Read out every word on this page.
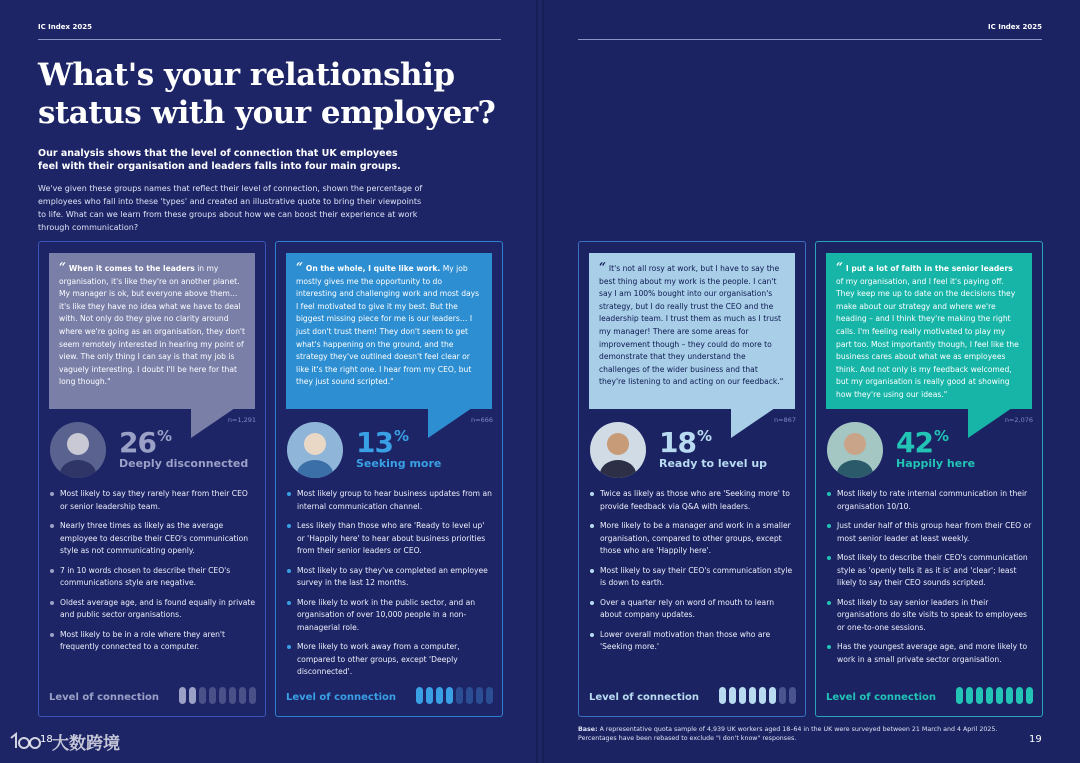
IC Index 2025	IC Index 2025
What's your relationship
status with your employer?

Our analysis shows that the level of connection that UK employees feel with their organisation and leaders falls into four main groups.

We've given these groups names that reflect their level of connection, shown the percentage of employees who fall into these 'types' and created an illustrative quote to bring their viewpoints to life. What can we learn from these groups about how we can boost their experience at work through communication?

“ When it comes to the leaders in my organisation, it's like they're on another planet. My manager is ok, but everyone above them… it's like they have no idea what we have to deal with. Not only do they give no clarity around where we're going as an organisation, they don't seem remotely interested in hearing my point of view. The only thing I can say is that my job is vaguely interesting. I doubt I'll be here for that long though."
n=1,291
26%
Deeply disconnected
Most likely to say they rarely hear from their CEO or senior leadership team.
Nearly three times as likely as the average employee to describe their CEO's communication style as not communicating openly.
7 in 10 words chosen to describe their CEO's communications style are negative.
Oldest average age, and is found equally in private and public sector organisations.
Most likely to be in a role where they aren't frequently connected to a computer.
Level of connection
“ On the whole, I quite like work. My job mostly gives me the opportunity to do interesting and challenging work and most days I feel motivated to give it my best. But the biggest missing piece for me is our leaders… I just don't trust them! They don't seem to get what's happening on the ground, and the strategy they've outlined doesn't feel clear or like it's the right one. I hear from my CEO, but they just sound scripted."
n=666
13%
Seeking more
Most likely group to hear business updates from an internal communication channel.
Less likely than those who are 'Ready to level up' or 'Happily here' to hear about business priorities from their senior leaders or CEO.
Most likely to say they've completed an employee survey in the last 12 months.
More likely to work in the public sector, and an organisation of over 10,000 people in a non-managerial role.
More likely to work away from a computer, compared to other groups, except 'Deeply disconnected'.
Level of connection
“ It's not all rosy at work, but I have to say the best thing about my work is the people. I can't say I am 100% bought into our organisation's strategy, but I do really trust the CEO and the leadership team. I trust them as much as I trust my manager! There are some areas for improvement though – they could do more to demonstrate that they understand the challenges of the wider business and that they're listening to and acting on our feedback."
n=867
18%
Ready to level up
Twice as likely as those who are 'Seeking more' to provide feedback via Q&A with leaders.
More likely to be a manager and work in a smaller organisation, compared to other groups, except those who are 'Happily here'.
Most likely to say their CEO's communication style is down to earth.
Over a quarter rely on word of mouth to learn about company updates.
Lower overall motivation than those who are 'Seeking more.'
Level of connection
“ I put a lot of faith in the senior leaders of my organisation, and I feel it's paying off. They keep me up to date on the decisions they make about our strategy and where we're heading – and I think they're making the right calls. I'm feeling really motivated to play my part too. Most importantly though, I feel like the business cares about what we as employees think. And not only is my feedback welcomed, but my organisation is really good at showing how they're using our ideas."
n=2,076
42%
Happily here
Most likely to rate internal communication in their organisation 10/10.
Just under half of this group hear from their CEO or most senior leader at least weekly.
Most likely to describe their CEO's communication style as 'openly tells it as it is' and 'clear'; least likely to say their CEO sounds scripted.
Most likely to say senior leaders in their organisations do site visits to speak to employees or one-to-one sessions.
Has the youngest average age, and more likely to work in a small private sector organisation.
Level of connection
Base: A representative quota sample of 4,939 UK workers aged 18–64 in the UK were surveyed between 21 March and 4 April 2025. Percentages have been rebased to exclude "I don't know" responses.
18	19
大数跨境
